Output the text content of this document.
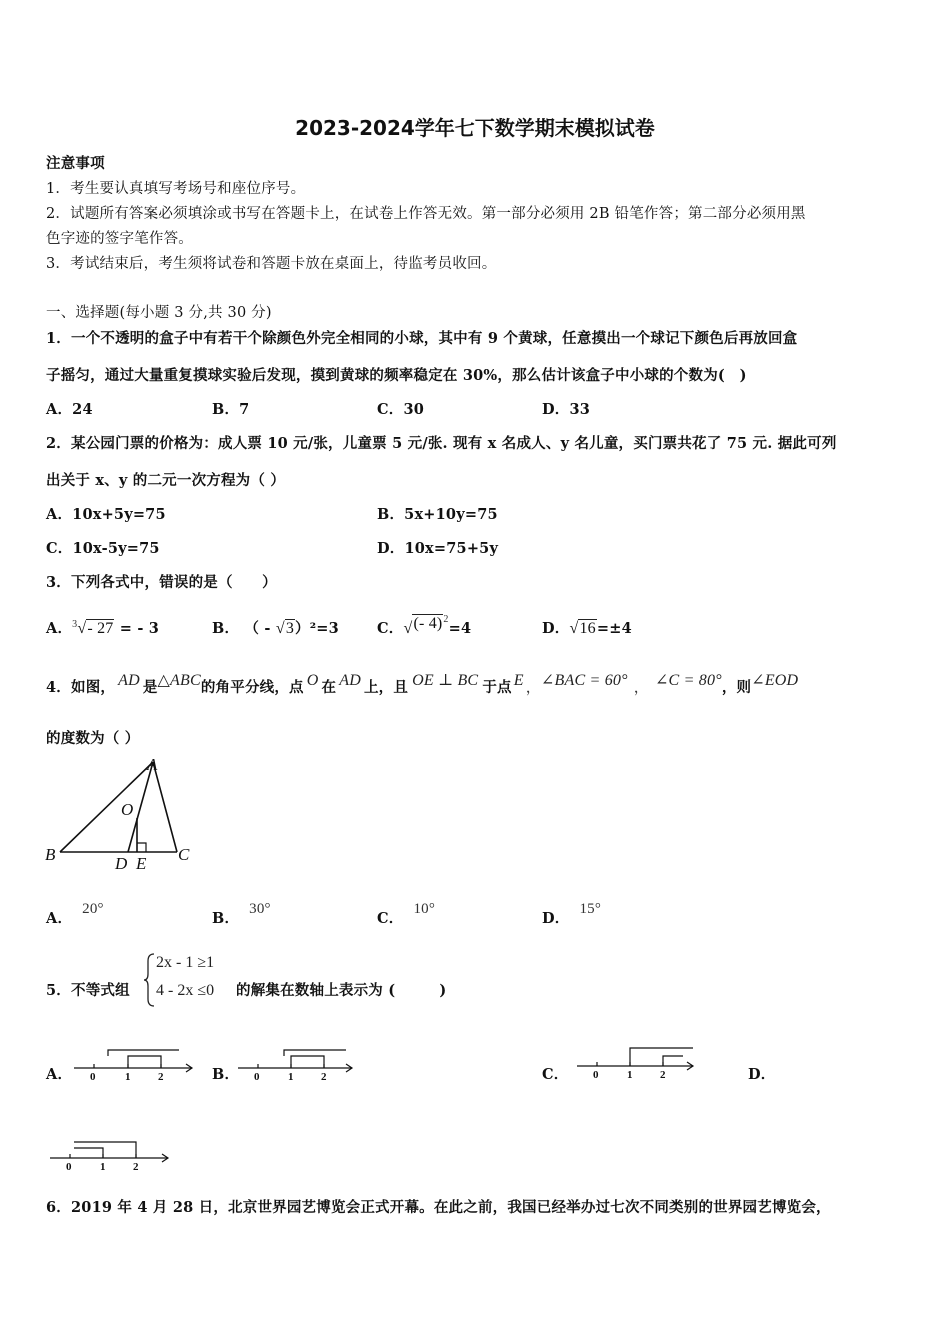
2023-2024学年七下数学期末模拟试卷
注意事项
1．考生要认真填写考场号和座位序号。
2．试题所有答案必须填涂或书写在答题卡上，在试卷上作答无效。第一部分必须用 2B 铅笔作答；第二部分必须用黑
色字迹的签字笔作答。
3．考试结束后，考生须将试卷和答题卡放在桌面上，待监考员收回。
一、选择题(每小题 3 分,共 30 分)
1．一个不透明的盒子中有若干个除颜色外完全相同的小球，其中有 9 个黄球，任意摸出一个球记下颜色后再放回盒
子摇匀，通过大量重复摸球实验后发现，摸到黄球的频率稳定在 30%，那么估计该盒子中小球的个数为(　)
A．24	B．7	C．30	D．33
2．某公园门票的价格为：成人票 10 元/张，儿童票 5 元/张. 现有 x 名成人、y 名儿童，买门票共花了 75 元. 据此可列
出关于 x、y 的二元一次方程为（ ）
A．10x+5y=75	B．5x+10y=75
C．10x-5y=75	D．10x=75+5y
3．下列各式中，错误的是（　　）
A．$^3$√- 27 = - 3	B． （ - √3）²=3	C．√(- 4)$^2$=4	D．√16=±4
4．如图， AD 是△ABC的角平分线，点 O 在 AD 上，且 OE ⊥ BC 于点 E ，∠BAC = 60° ， ∠C = 80°，则∠EOD
的度数为（ ）
A
B	C
D E
O
A．20°
B．30°
C．10°
D．15°
5．不等式组
2x - 1 ≥1
4 - 2x ≤0 的解集在数轴上表示为 (　　　)
A． 0	1	2	B． 0	1	2	C． 0	1	2	D．
0	1	2
6．2019 年 4 月 28 日，北京世界园艺博览会正式开幕。在此之前，我国已经举办过七次不同类别的世界园艺博览会，
